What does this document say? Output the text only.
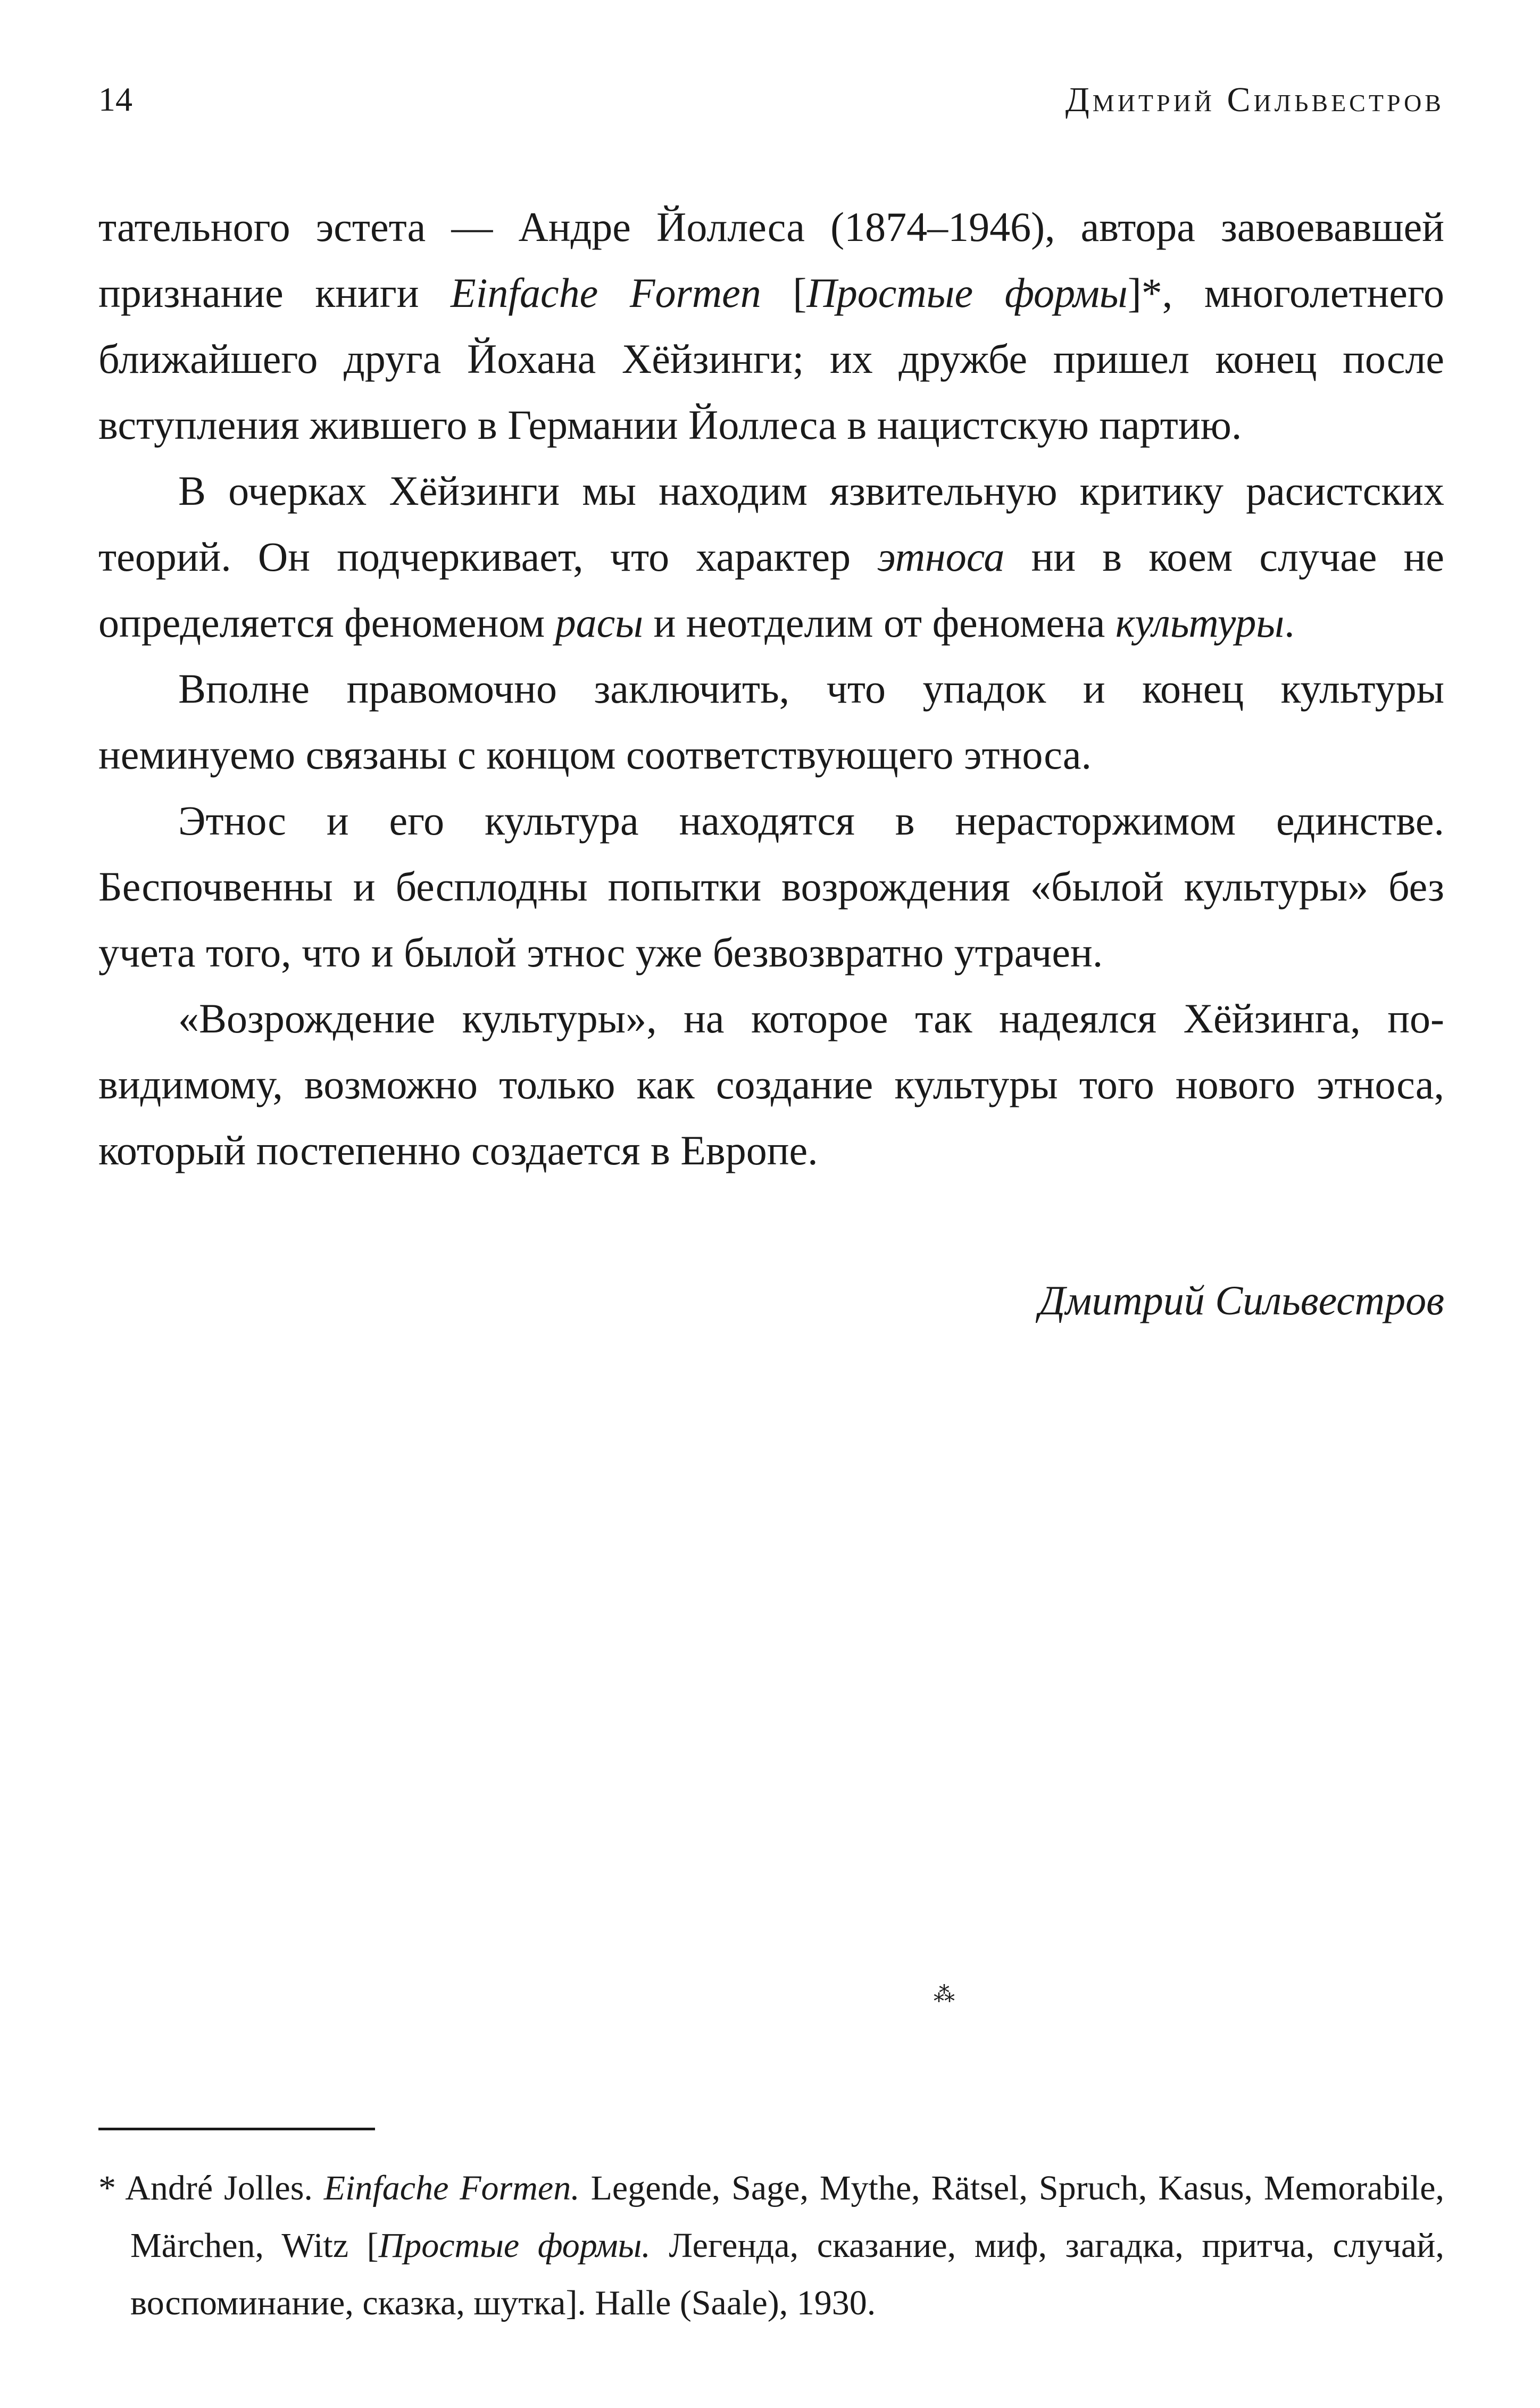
14	Дмитрий Сильвестров

тательного эстета — Андре Йоллеса (1874–1946), автора завоевавшей признание книги Einfache Formen [Простые формы]*, многолетнего ближайшего друга Йохана Хёйзинги; их дружбе пришел конец после вступления жившего в Германии Йоллеса в нацистскую партию.

В очерках Хёйзинги мы находим язвительную критику расистских теорий. Он подчеркивает, что характер этноса ни в коем случае не определяется феноменом расы и неотделим от феномена культуры.

Вполне правомочно заключить, что упадок и конец культуры неминуемо связаны с концом соответствующего этноса.

Этнос и его культура находятся в нерасторжимом единстве. Беспочвенны и бесплодны попытки возрождения «былой культуры» без учета того, что и былой этнос уже безвозвратно утрачен.

«Возрождение культуры», на которое так надеялся Хёйзинга, по-видимому, возможно только как создание культуры того нового этноса, который постепенно создается в Европе.

Дмитрий Сильвестров
⁂
* André Jolles. Einfache Formen. Legende, Sage, Mythe, Rätsel, Spruch, Kasus, Memorabile, Märchen, Witz [Простые формы. Легенда, сказание, миф, загадка, притча, случай, воспоминание, сказка, шутка]. Halle (Saale), 1930.
